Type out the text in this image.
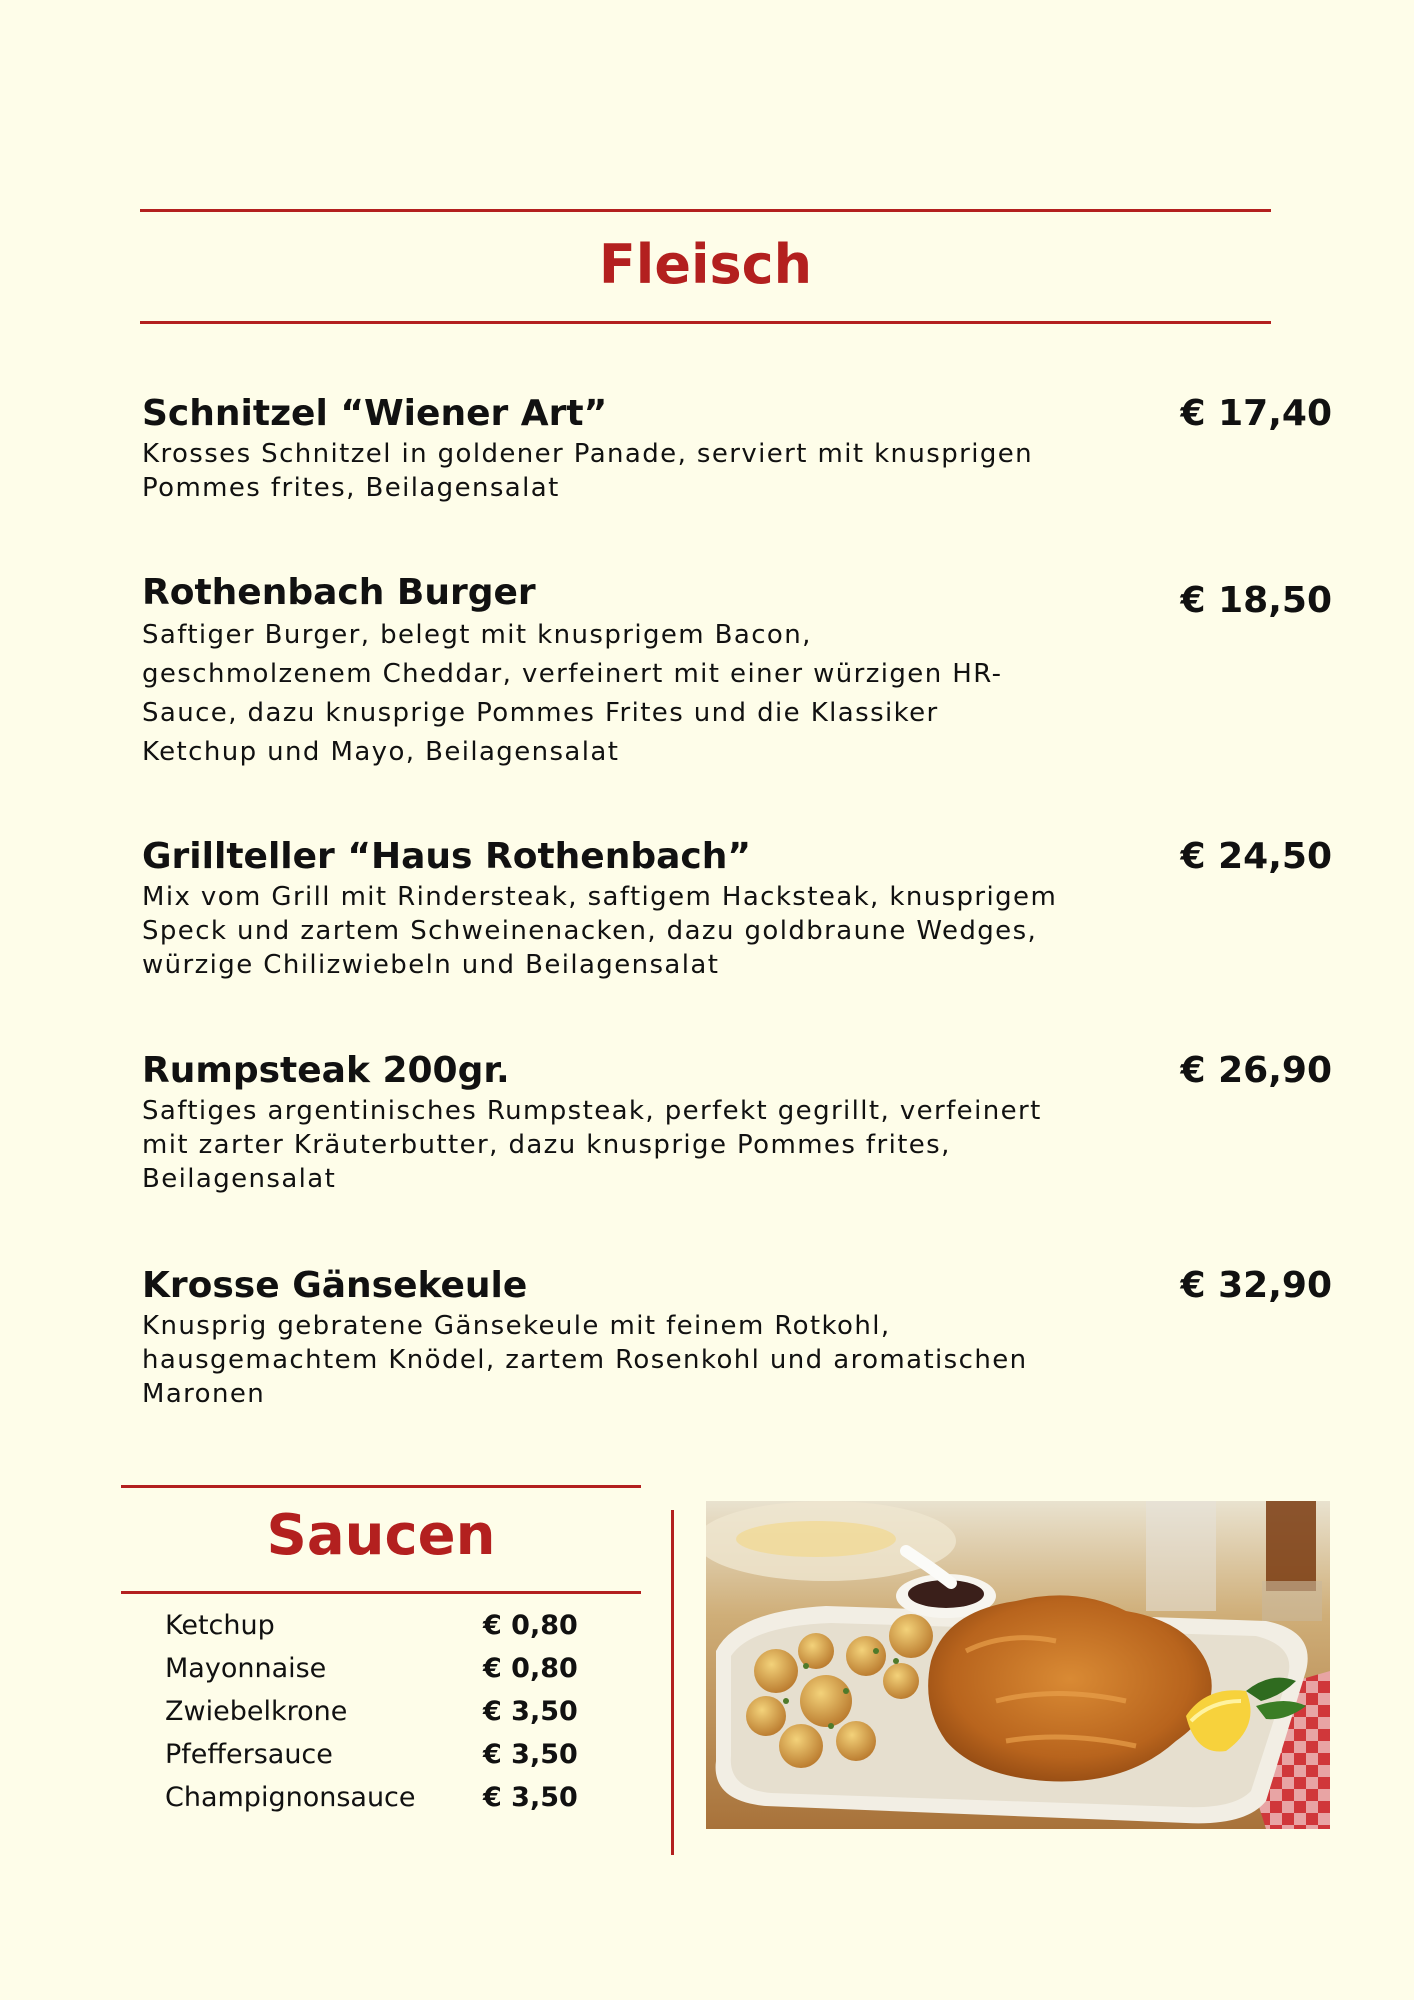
Fleisch
Schnitzel “Wiener Art”	€ 17,40
Krosses Schnitzel in goldener Panade, serviert mit knusprigen
Pommes frites, Beilagensalat
Rothenbach Burger	€ 18,50
Saftiger Burger, belegt mit knusprigem Bacon,
geschmolzenem Cheddar, verfeinert mit einer würzigen HR-
Sauce, dazu knusprige Pommes Frites und die Klassiker
Ketchup und Mayo, Beilagensalat
Grillteller “Haus Rothenbach”	€ 24,50
Mix vom Grill mit Rindersteak, saftigem Hacksteak, knusprigem
Speck und zartem Schweinenacken, dazu goldbraune Wedges,
würzige Chilizwiebeln und Beilagensalat
Rumpsteak 200gr.	€ 26,90
Saftiges argentinisches Rumpsteak, perfekt gegrillt, verfeinert
mit zarter Kräuterbutter, dazu knusprige Pommes frites,
Beilagensalat
Krosse Gänsekeule	€ 32,90
Knusprig gebratene Gänsekeule mit feinem Rotkohl,
hausgemachtem Knödel, zartem Rosenkohl und aromatischen
Maronen
Saucen
Ketchup	€ 0,80
Mayonnaise	€ 0,80
Zwiebelkrone	€ 3,50
Pfeffersauce	€ 3,50
Champignonsauce € 3,50
